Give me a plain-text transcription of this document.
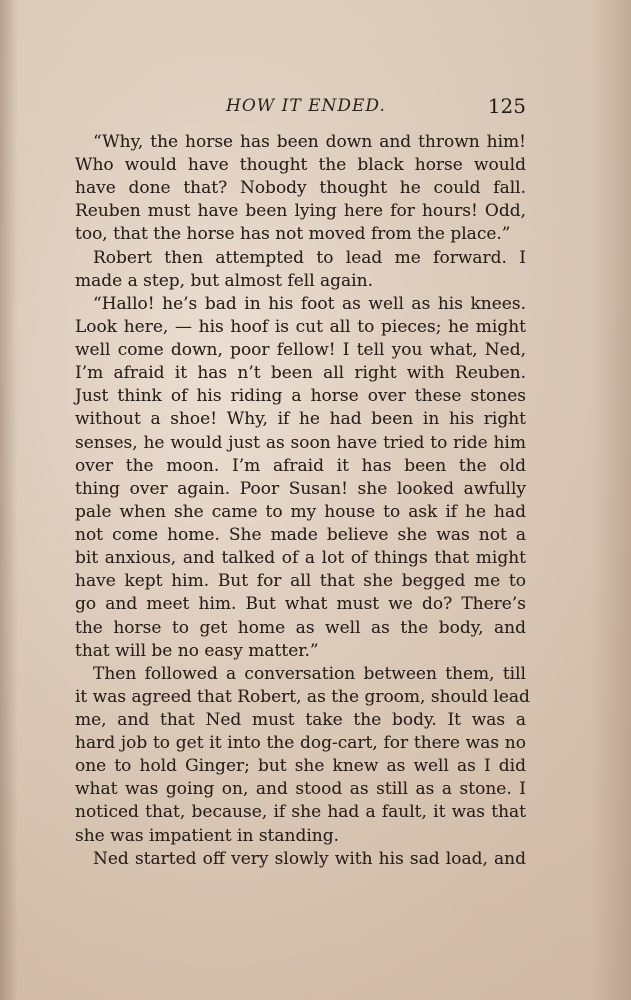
HOW IT ENDED.	125
“Why, the horse has been down and thrown him!
Who would have thought the black horse would
have done that? Nobody thought he could fall.
Reuben must have been lying here for hours! Odd,
too, that the horse has not moved from the place.”
Robert then attempted to lead me forward. I
made a step, but almost fell again.
“Hallo! he’s bad in his foot as well as his knees.
Look here, — his hoof is cut all to pieces; he might
well come down, poor fellow! I tell you what, Ned,
I’m afraid it has n’t been all right with Reuben.
Just think of his riding a horse over these stones
without a shoe! Why, if he had been in his right
senses, he would just as soon have tried to ride him
over the moon. I’m afraid it has been the old
thing over again. Poor Susan! she looked awfully
pale when she came to my house to ask if he had
not come home. She made believe she was not a
bit anxious, and talked of a lot of things that might
have kept him. But for all that she begged me to
go and meet him. But what must we do? There’s
the horse to get home as well as the body, and
that will be no easy matter.”
Then followed a conversation between them, till
it was agreed that Robert, as the groom, should lead
me, and that Ned must take the body. It was a
hard job to get it into the dog-cart, for there was no
one to hold Ginger; but she knew as well as I did
what was going on, and stood as still as a stone. I
noticed that, because, if she had a fault, it was that
she was impatient in standing.
Ned started off very slowly with his sad load, and
